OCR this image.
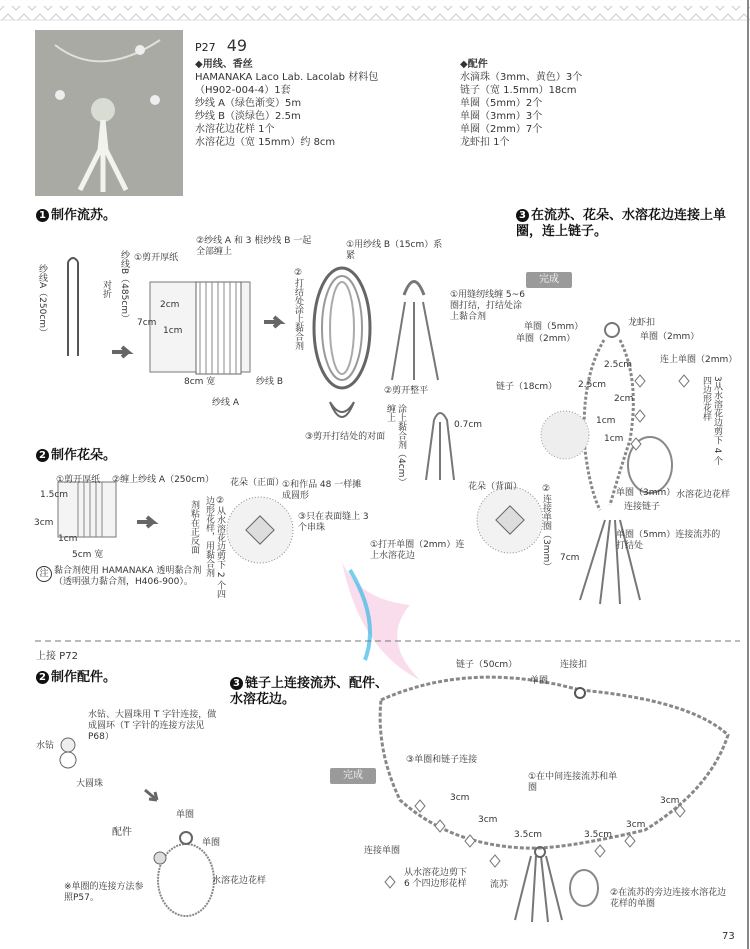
P27 49

◆用线、香丝

HAMANAKA Laco Lab. Lacolab 材料包

（H902-004-4）1套

纱线 A（绿色渐变）5m

纱线 B（淡绿色）2.5m

水溶花边花样 1个

水溶花边（宽 15mm）约 8cm

◆配件

水滴珠（3mm、黄色）3个

链子（宽 1.5mm）18cm

单圈（5mm）2个

单圈（3mm）3个

单圈（2mm）7个

龙虾扣 1个

1 制作流苏。
纱线A（250cm）	对折 纱线B（485cm） ①剪开厚纸
②纱线 A 和 3 根纱线 B 一起全部缠上
2cm
7cm
1cm
8cm 宽	纱线 B
纱线 A
②打结处涂上黏合剂
①用纱线 B（15cm）系紧
③剪开打结处的对面
①用缝纫线缠 5~6 圈打结，打结处涂上黏合剂
②剪开整平
0.7cm
涂上黏合剂（4cm）缠上
3 在流苏、花朵、水溶花边连接上单圈，连上链子。
完成
龙虾扣
单圈（5mm）
单圈（2mm）	单圈（2mm）
连上单圈（2mm）
链子（18cm）	3从水溶花边剪下 4 个四边形花样
2.5cm
2.5cm
2cm
1cm
1cm
7cm
单圈（3mm） 水溶花边花样
连接链子
单圈（5mm）连接流苏的打结处
2 制作花朵。
①剪开厚纸 ②缠上纱线 A（250cm）
1.5cm
3cm
1cm
5cm 宽
花朵（正面）
①和作品 48 一样摊成圆形
③只在表面缝上 3 个串珠
②从水溶花边剪下 2 个四边形花样，用黏合剂
剂粘在正反面
注 黏合剂使用 HAMANAKA 透明黏合剂（透明强力黏合剂，H406-900）。
花朵（背面）
①打开单圈（2mm）连上水溶花边	②连接单圈（3mm）
上接 P72
2 制作配件。
水钻、大圆珠用 T 字针连接，做成圆环（T 字针的连接方法见 P68）
水钻
大圆珠
配件
单圈
单圈
水溶花边花样
※单圈的连接方法参照P57。
3 链子上连接流苏、配件、水溶花边。
完成
链子（50cm）	连接扣
单圈
③单圈和链子连接
①在中间连接流苏和单圈
3cm
3cm
3.5cm	3.5cm
3cm
3cm
连接单圈
从水溶花边剪下 6 个四边形花样	流苏
②在流苏的旁边连接水溶花边花样的单圈
73
